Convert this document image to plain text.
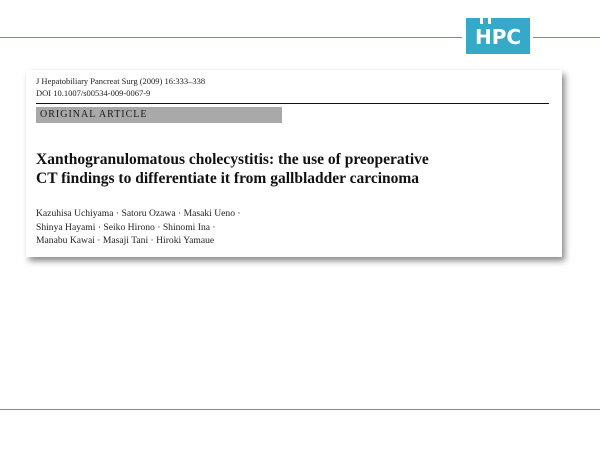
HPC
J Hepatobiliary Pancreat Surg (2009) 16:333–338
DOI 10.1007/s00534-009-0067-9
ORIGINAL ARTICLE
Xanthogranulomatous cholecystitis: the use of preoperative
CT findings to differentiate it from gallbladder carcinoma
Kazuhisa Uchiyama · Satoru Ozawa · Masaki Ueno ·
Shinya Hayami · Seiko Hirono · Shinomi Ina ·
Manabu Kawai · Masaji Tani · Hiroki Yamaue
